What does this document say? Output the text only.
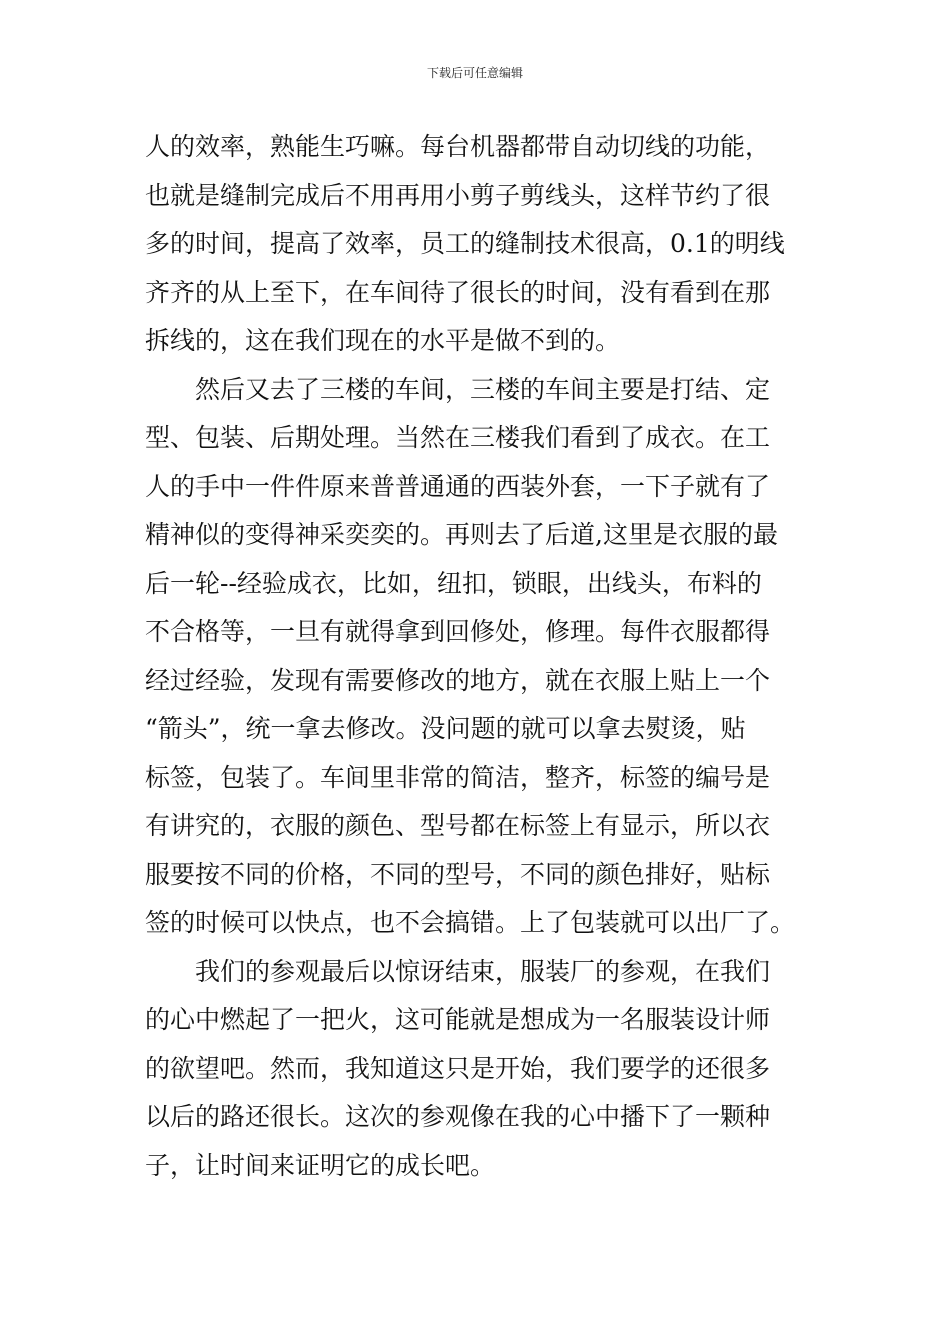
下载后可任意编辑
人的效率，熟能生巧嘛。每台机器都带自动切线的功能，
也就是缝制完成后不用再用小剪子剪线头，这样节约了很
多的时间，提高了效率，员工的缝制技术很高，0.1的明线
齐齐的从上至下，在车间待了很长的时间，没有看到在那
拆线的，这在我们现在的水平是做不到的。
　　然后又去了三楼的车间，三楼的车间主要是打结、定
型、包装、后期处理。当然在三楼我们看到了成衣。在工
人的手中一件件原来普普通通的西装外套，一下子就有了
精神似的变得神采奕奕的。再则去了后道,这里是衣服的最
后一轮--经验成衣，比如，纽扣，锁眼，出线头，布料的
不合格等，一旦有就得拿到回修处，修理。每件衣服都得
经过经验，发现有需要修改的地方，就在衣服上贴上一个
“箭头”，统一拿去修改。没问题的就可以拿去熨烫，贴
标签，包装了。车间里非常的简洁，整齐，标签的编号是
有讲究的，衣服的颜色、型号都在标签上有显示，所以衣
服要按不同的价格，不同的型号，不同的颜色排好，贴标
签的时候可以快点，也不会搞错。上了包装就可以出厂了。
　　我们的参观最后以惊讶结束，服装厂的参观，在我们
的心中燃起了一把火，这可能就是想成为一名服装设计师
的欲望吧。然而，我知道这只是开始，我们要学的还很多
以后的路还很长。这次的参观像在我的心中播下了一颗种
子，让时间来证明它的成长吧。
